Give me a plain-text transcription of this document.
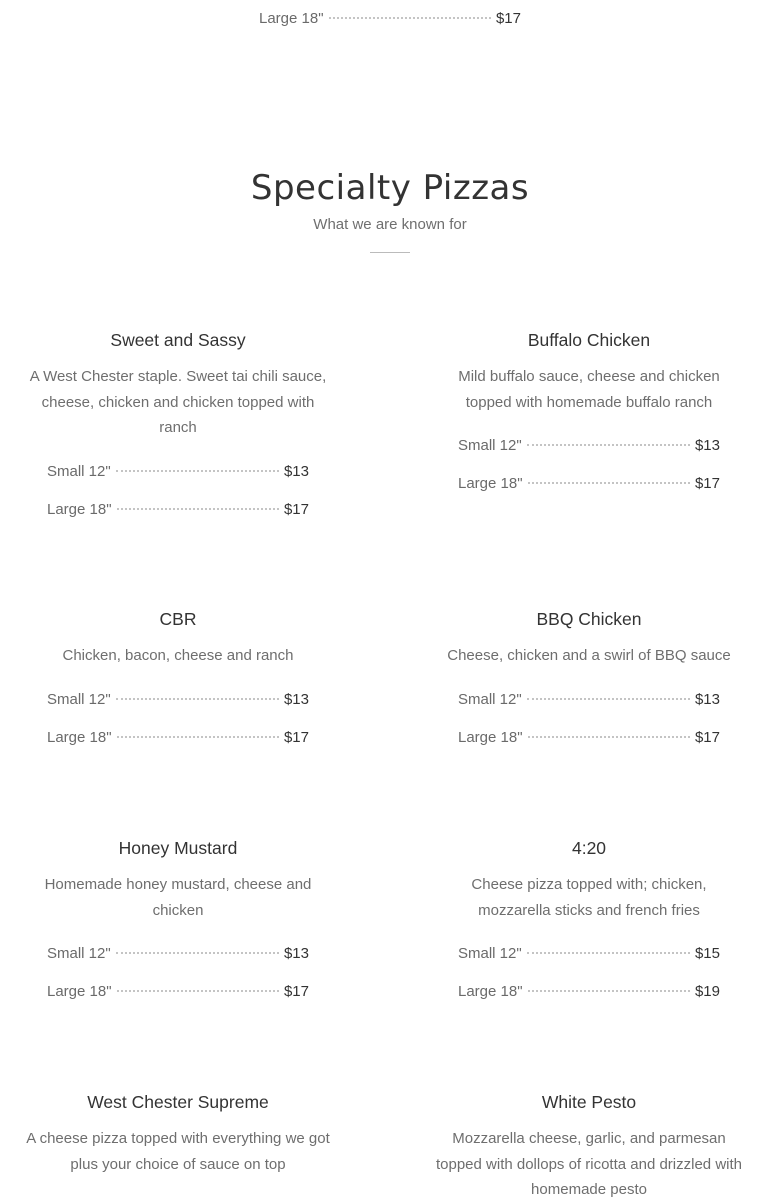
Large 18"	$17
Specialty Pizzas
What we are known for
Sweet and Sassy
A West Chester staple. Sweet tai chili sauce, cheese, chicken and chicken topped with ranch
Small 12"	$13
Large 18"	$17
Buffalo Chicken
Mild buffalo sauce, cheese and chicken topped with homemade buffalo ranch
Small 12"	$13
Large 18"	$17
CBR
Chicken, bacon, cheese and ranch
Small 12"	$13
Large 18"	$17
BBQ Chicken
Cheese, chicken and a swirl of BBQ sauce
Small 12"	$13
Large 18"	$17
Honey Mustard
Homemade honey mustard, cheese and chicken
Small 12"	$13
Large 18"	$17
4:20
Cheese pizza topped with; chicken, mozzarella sticks and french fries
Small 12"	$15
Large 18"	$19
West Chester Supreme
A cheese pizza topped with everything we got plus your choice of sauce on top
White Pesto
Mozzarella cheese, garlic, and parmesan topped with dollops of ricotta and drizzled with homemade pesto
